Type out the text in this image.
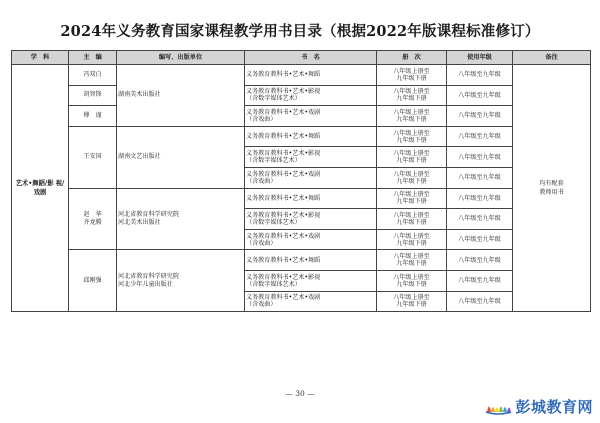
2024年义务教育国家课程教学用书目录（根据2022年版课程标准修订）
学　科	主　编	编写、出版单位	书　名	册　次	使用年级	备注
艺术•舞蹈/影 视/戏剧	冯双白	湖南美术出版社	义务教育教科书•艺术•舞蹈	八年级上册至
九年级下册	八年级至九年级	均有配套
教师用书
	胡智锋		义务教育教科书•艺术•影视
（含数字媒体艺术）	八年级上册至
九年级下册	八年级至九年级	
	傅　谨		义务教育教科书•艺术•戏剧
（含戏曲）	八年级上册至
九年级下册	八年级至九年级	
	王安国	湖南文艺出版社	义务教育教科书•艺术•舞蹈	八年级上册至
九年级下册	八年级至九年级	
			义务教育教科书•艺术•影视
（含数字媒体艺术）	八年级上册至
九年级下册	八年级至九年级	
			义务教育教科书•艺术•戏剧
（含戏曲）	八年级上册至
九年级下册	八年级至九年级	
	赵　华
齐龙腾	河北省教育科学研究院
河北美术出版社	义务教育教科书•艺术•舞蹈	八年级上册至
九年级下册	八年级至九年级	
			义务教育教科书•艺术•影视
（含数字媒体艺术）	八年级上册至
九年级下册	八年级至九年级	
			义务教育教科书•艺术•戏剧
（含戏曲）	八年级上册至
九年级下册	八年级至九年级	
	邱刚强	河北省教育科学研究院
河北少年儿童出版社	义务教育教科书•艺术•舞蹈	八年级上册至
九年级下册	八年级至九年级	
			义务教育教科书•艺术•影视
（含数字媒体艺术）	八年级上册至
九年级下册	八年级至九年级	
			义务教育教科书•艺术•戏剧
（含戏曲）	八年级上册至
九年级下册	八年级至九年级	
— 30 —
彭城教育网
